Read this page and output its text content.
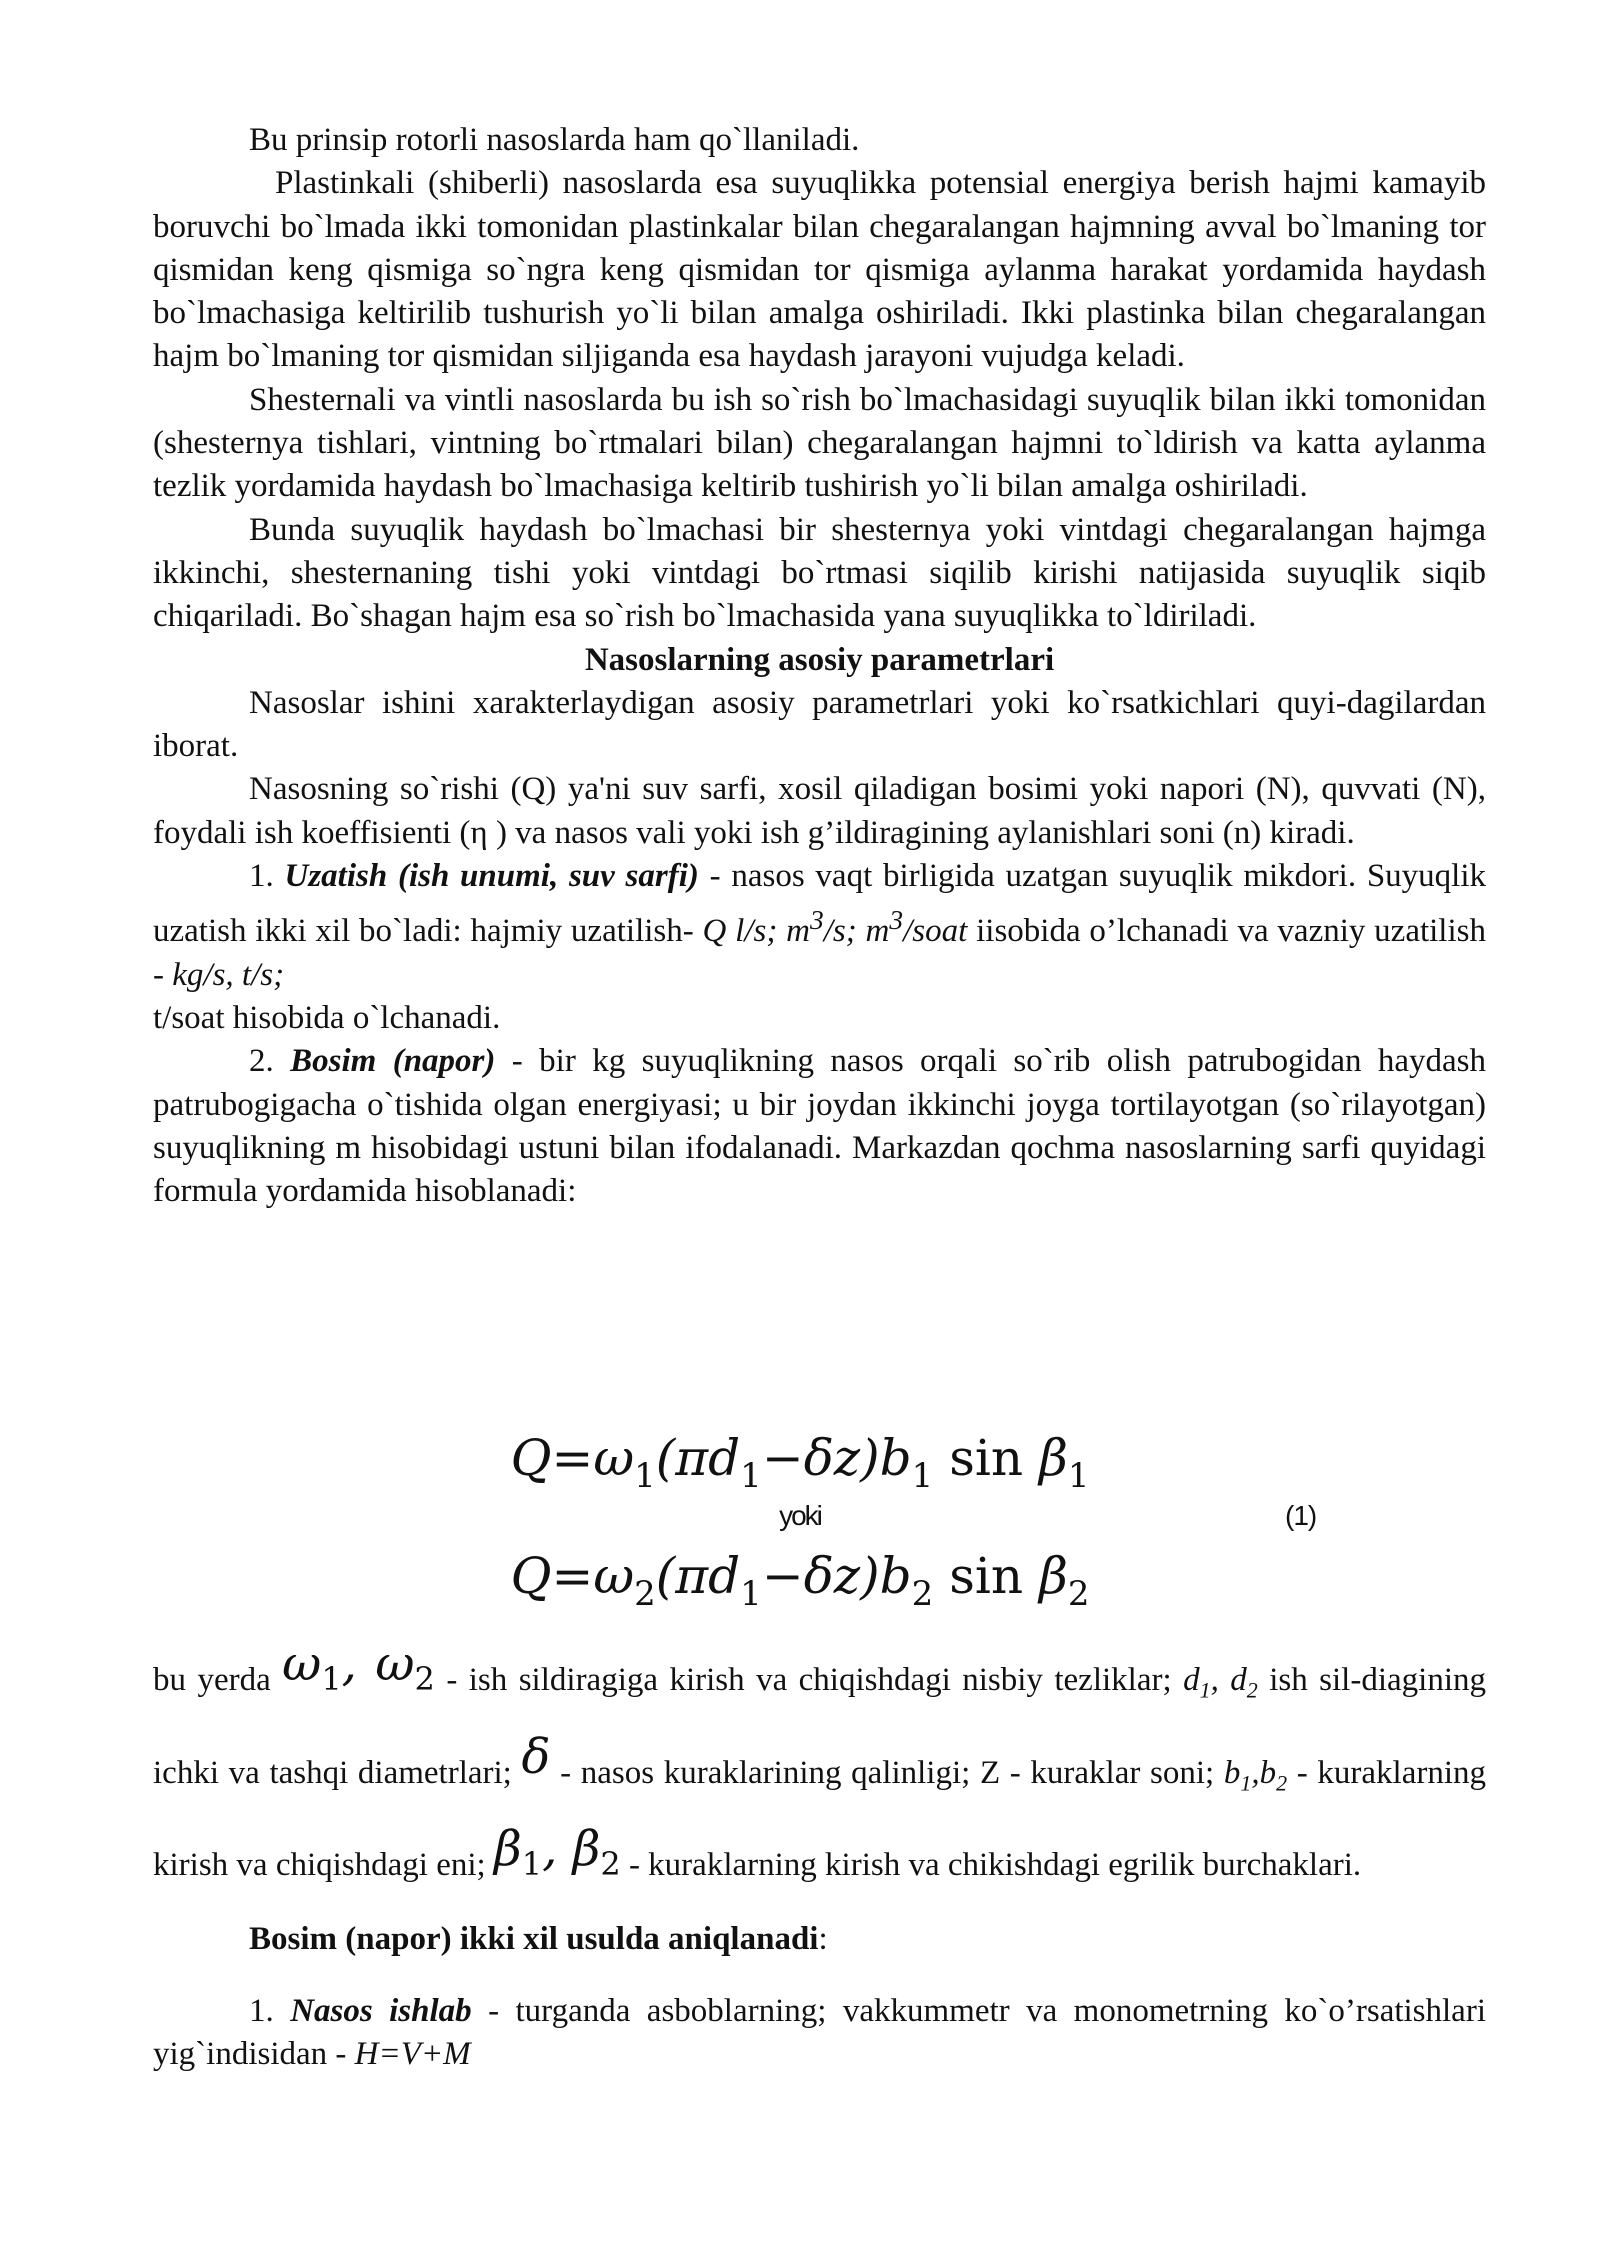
Bu prinsip rotorli nasoslarda ham qo`llaniladi.

Plastinkali (shiberli) nasoslarda esa suyuqlikka potensial energiya berish hajmi kamayib boruvchi bo`lmada ikki tomonidan plastinkalar bilan chegaralangan hajmning avval bo`lmaning tor qismidan keng qismiga so`ngra keng qismidan tor qismiga aylanma harakat yordamida haydash bo`lmachasiga keltirilib tushurish yo`li bilan amalga oshiriladi. Ikki plastinka bilan chegaralangan hajm bo`lmaning tor qismidan siljiganda esa haydash jarayoni vujudga keladi.

Shesternali va vintli nasoslarda bu ish so`rish bo`lmachasidagi suyuqlik bilan ikki tomonidan (shesternya tishlari, vintning bo`rtmalari bilan) chegaralangan hajmni to`ldirish va katta aylanma tezlik yordamida haydash bo`lmachasiga keltirib tushirish yo`li bilan amalga oshiriladi.

Bunda suyuqlik haydash bo`lmachasi bir shesternya yoki vintdagi chegaralangan hajmga ikkinchi, shesternaning tishi yoki vintdagi bo`rtmasi siqilib kirishi natijasida suyuqlik siqib chiqariladi. Bo`shagan hajm esa so`rish bo`lmachasida yana suyuqlikka to`ldiriladi.

Nasoslarning asosiy parametrlari

Nasoslar ishini xarakterlaydigan asosiy parametrlari yoki ko`rsatkichlari quyi-dagilardan iborat.

Nasosning so`rishi (Q) ya'ni suv sarfi, xosil qiladigan bosimi yoki napori (N), quvvati (N), foydali ish koeffisienti (η ) va nasos vali yoki ish g’ildiragining aylanishlari soni (n) kiradi.

1. Uzatish (ish unumi, suv sarfi) - nasos vaqt birligida uzatgan suyuqlik mikdori. Suyuqlik uzatish ikki xil bo`ladi: hajmiy uzatilish- Q l/s; $m^3/s$; $m^3$/soat iisobida o’lchanadi va vazniy uzatilish - kg/s, t/s;

t/soat hisobida o`lchanadi.

2. Bosim (napor) - bir kg suyuqlikning nasos orqali so`rib olish patrubogidan haydash patrubogigacha o`tishida olgan energiyasi; u bir joydan ikkinchi joyga tortilayotgan (so`rilayotgan) suyuqlikning m hisobidagi ustuni bilan ifodalanadi. Markazdan qochma nasoslarning sarfi quyidagi formula yordamida hisoblanadi:

$Q=\omega_1(\pi d_1-\delta z)b_1$ $\sin \beta_1$
yoki	(1)
$Q=\omega_2(\pi d_1-\delta z)b_2$ $\sin \beta_2$

bu yerda $\omega_1$, $\omega_2$ - ish sildiragiga kirish va chiqishdagi nisbiy tezliklar; $d_1$, $d_2$ ish sil-diagining ichki va tashqi diametrlari; δ - nasos kuraklarining qalinligi; Z - kuraklar soni; $b_1,b_2$ - kuraklarning kirish va chiqishdagi eni; $\beta_1$, $\beta_2$ - kuraklarning kirish va chikishdagi egrilik burchaklari.

Bosim (napor) ikki xil usulda aniqlanadi:

1. Nasos ishlab - turganda asboblarning; vakkummetr va monometrning ko`o’rsatishlari yig`indisidan - H=V+M
